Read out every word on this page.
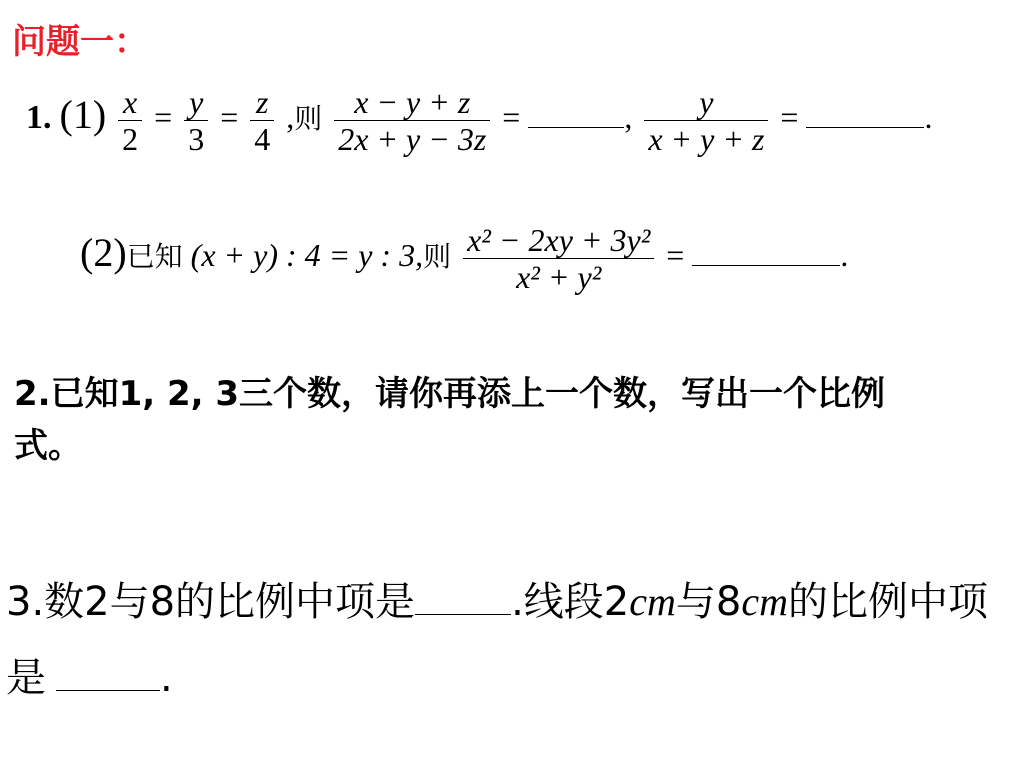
问题一：
1. $(1) \frac{x}{2} = \frac{y}{3} = \frac{z}{4}$ ,则 $\frac{x - y + z}{2x + y - 3z}$ =	, $\frac{y}{x + y + z}$ =	.
(2)已知 (x + y) : 4 = y : 3,则 $\frac{\text{x² − 2xy + 3y²}}{\text{x² + y²}}$ =	.
2.已知1, 2, 3三个数，请你再添上一个数，写出一个比例式。
3.数2与8的比例中项是 .线段2cm与8cm的比例中项是	.
